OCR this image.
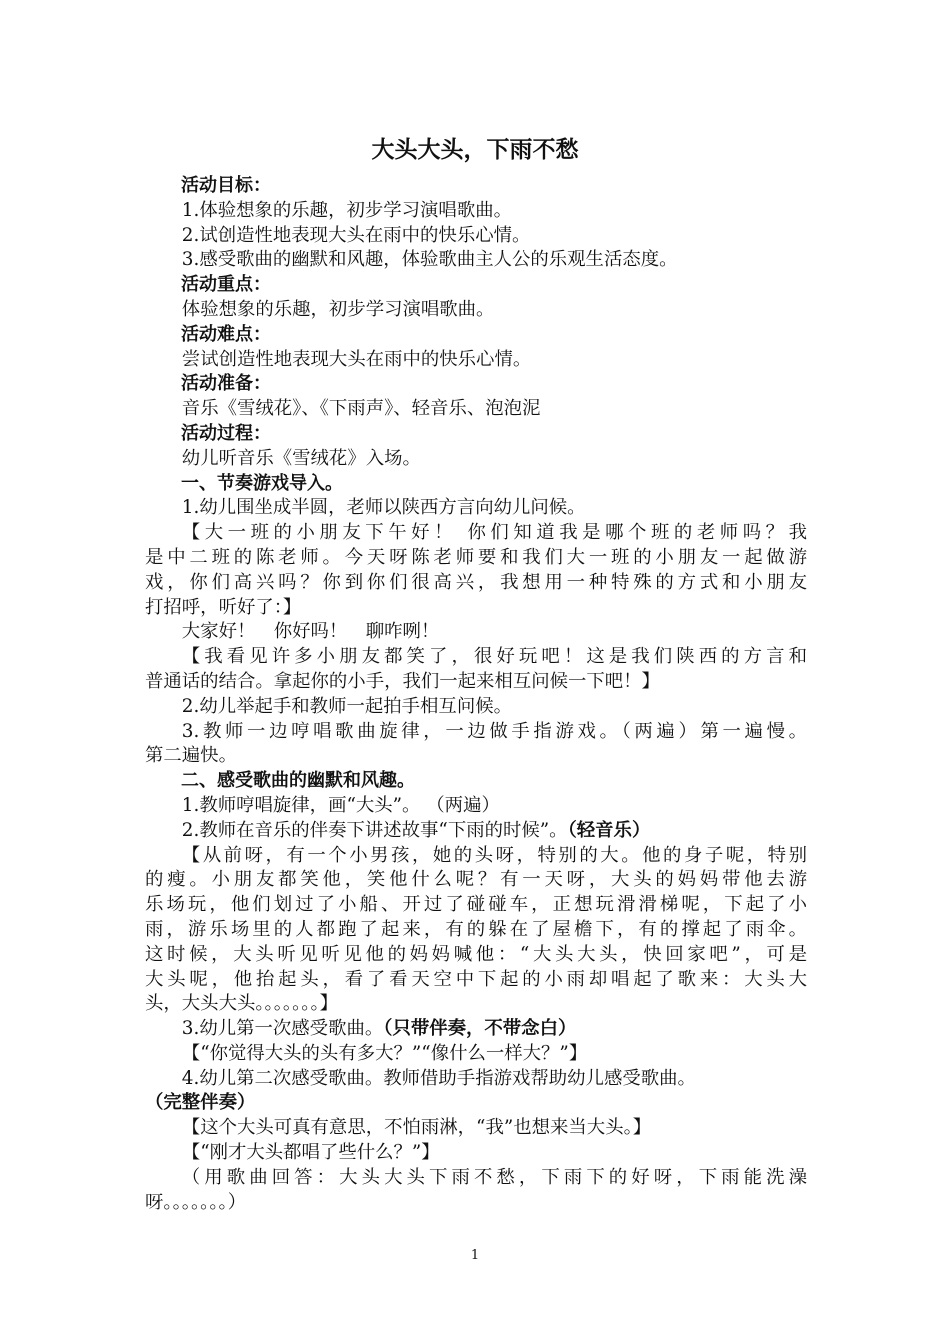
大头大头，下雨不愁

活动目标：

1.体验想象的乐趣，初步学习演唱歌曲。

2.试创造性地表现大头在雨中的快乐心情。

3.感受歌曲的幽默和风趣，体验歌曲主人公的乐观生活态度。

活动重点：

体验想象的乐趣，初步学习演唱歌曲。

活动难点：

尝试创造性地表现大头在雨中的快乐心情。

活动准备：

音乐《雪绒花》、《下雨声》、轻音乐、泡泡泥

活动过程：

幼儿听音乐《雪绒花》入场。

一、节奏游戏导入。

1.幼儿围坐成半圆，老师以陕西方言向幼儿问候。

【大一班的小朋友下午好！ 你们知道我是哪个班的老师吗？我

是中二班的陈老师。今天呀陈老师要和我们大一班的小朋友一起做游

戏，你们高兴吗？你到你们很高兴，我想用一种特殊的方式和小朋友

打招呼，听好了：】

大家好！　你好吗！　聊咋咧！

【我看见许多小朋友都笑了，很好玩吧！这是我们陕西的方言和

普通话的结合。拿起你的小手，我们一起来相互问候一下吧！】

2.幼儿举起手和教师一起拍手相互问候。

3.教师一边哼唱歌曲旋律，一边做手指游戏。（两遍）第一遍慢。

第二遍快。

二、感受歌曲的幽默和风趣。

1.教师哼唱旋律，画“大头”。 （两遍）

2.教师在音乐的伴奏下讲述故事“下雨的时候”。（轻音乐）

【从前呀，有一个小男孩，她的头呀，特别的大。他的身子呢，特别

的瘦。小朋友都笑他，笑他什么呢？有一天呀，大头的妈妈带他去游

乐场玩，他们划过了小船、开过了碰碰车，正想玩滑滑梯呢，下起了小

雨，游乐场里的人都跑了起来，有的躲在了屋檐下，有的撑起了雨伞。

这时候，大头听见听见他的妈妈喊他：“大头大头，快回家吧”，可是

大头呢，他抬起头，看了看天空中下起的小雨却唱起了歌来：大头大

头，大头大头。。。。。。。】

3.幼儿第一次感受歌曲。（只带伴奏，不带念白）

【“你觉得大头的头有多大？”“像什么一样大？”】

4.幼儿第二次感受歌曲。教师借助手指游戏帮助幼儿感受歌曲。

（完整伴奏）

【这个大头可真有意思，不怕雨淋，“我”也想来当大头。】

【“刚才大头都唱了些什么？”】

（用歌曲回答：大头大头下雨不愁，下雨下的好呀，下雨能洗澡

呀。。。。。。。）

1
